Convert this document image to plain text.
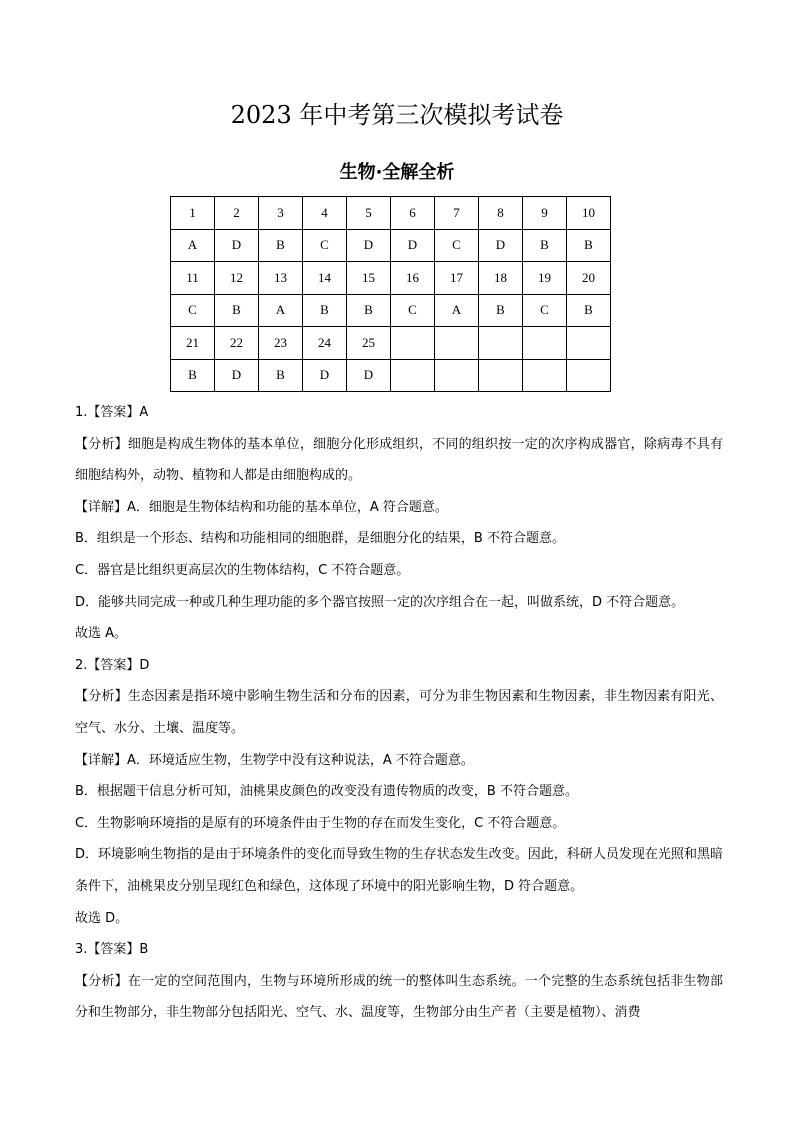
2023 年中考第三次模拟考试卷
生物·全解全析
1	2	3	4	5	6	7	8	9	10
A	D	B	C	D	D	C	D	B	B
11	12	13	14	15	16	17	18	19	20
C	B	A	B	B	C	A	B	C	B
21	22	23	24	25					
B	D	B	D	D					

1.【答案】A

【分析】细胞是构成生物体的基本单位，细胞分化形成组织，不同的组织按一定的次序构成器官，除病毒不具有细胞结构外，动物、植物和人都是由细胞构成的。

【详解】A．细胞是生物体结构和功能的基本单位，A 符合题意。

B．组织是一个形态、结构和功能相同的细胞群，是细胞分化的结果，B 不符合题意。

C．器官是比组织更高层次的生物体结构，C 不符合题意。

D．能够共同完成一种或几种生理功能的多个器官按照一定的次序组合在一起，叫做系统，D 不符合题意。

故选 A。

2.【答案】D

【分析】生态因素是指环境中影响生物生活和分布的因素，可分为非生物因素和生物因素，非生物因素有阳光、空气、水分、土壤、温度等。

【详解】A．环境适应生物，生物学中没有这种说法，A 不符合题意。

B．根据题干信息分析可知，油桃果皮颜色的改变没有遗传物质的改变，B 不符合题意。

C．生物影响环境指的是原有的环境条件由于生物的存在而发生变化，C 不符合题意。

D．环境影响生物指的是由于环境条件的变化而导致生物的生存状态发生改变。因此，科研人员发现在光照和黑暗条件下，油桃果皮分别呈现红色和绿色，这体现了环境中的阳光影响生物，D 符合题意。

故选 D。

3.【答案】B

【分析】在一定的空间范围内，生物与环境所形成的统一的整体叫生态系统。一个完整的生态系统包括非生物部分和生物部分，非生物部分包括阳光、空气、水、温度等，生物部分由生产者（主要是植物）、消费
